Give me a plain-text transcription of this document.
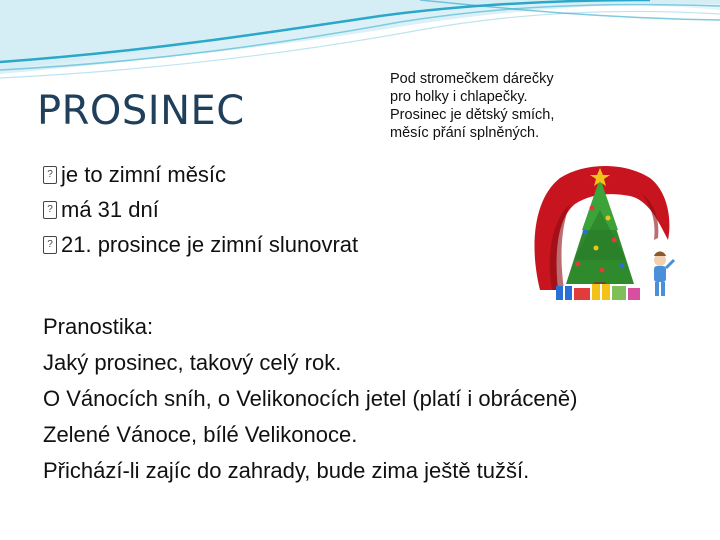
PROSINEC
Pod stromečkem dárečky
pro holky i chlapečky.
Prosinec je dětský smích,
měsíc přání splněných.
? je to zimní měsíc
? má 31 dní
? 21. prosince je zimní slunovrat
Pranostika:
Jaký prosinec, takový celý rok.
O Vánocích sníh, o Velikonocích jetel (platí i obráceně)
Zelené Vánoce, bílé Velikonoce.
Přichází-li zajíc do zahrady, bude zima ještě tužší.
